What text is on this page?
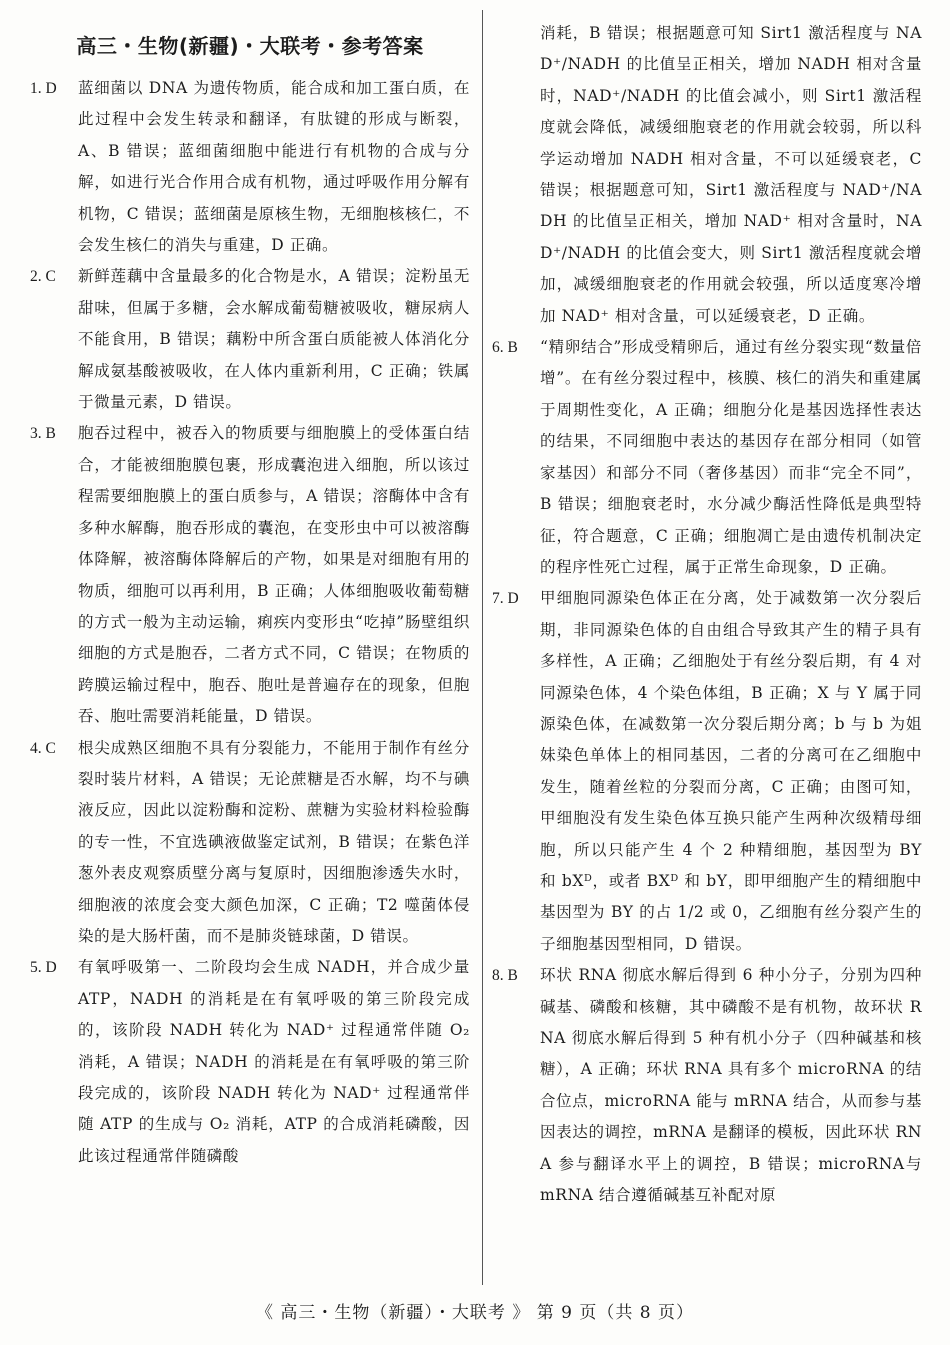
高三・生物(新疆)・大联考・参考答案
1. D	蓝细菌以 DNA 为遗传物质，能合成和加工蛋白质，在此过程中会发生转录和翻译，有肽键的形成与断裂，A、B 错误；蓝细菌细胞中能进行有机物的合成与分解，如进行光合作用合成有机物，通过呼吸作用分解有机物，C 错误；蓝细菌是原核生物，无细胞核核仁，不会发生核仁的消失与重建，D 正确。
2. C	新鲜莲藕中含量最多的化合物是水，A 错误；淀粉虽无甜味，但属于多糖，会水解成葡萄糖被吸收，糖尿病人不能食用，B 错误；藕粉中所含蛋白质能被人体消化分解成氨基酸被吸收，在人体内重新利用，C 正确；铁属于微量元素，D 错误。
3. B	胞吞过程中，被吞入的物质要与细胞膜上的受体蛋白结合，才能被细胞膜包裹，形成囊泡进入细胞，所以该过程需要细胞膜上的蛋白质参与，A 错误；溶酶体中含有多种水解酶，胞吞形成的囊泡，在变形虫中可以被溶酶体降解，被溶酶体降解后的产物，如果是对细胞有用的物质，细胞可以再利用，B 正确；人体细胞吸收葡萄糖的方式一般为主动运输，痢疾内变形虫“吃掉”肠壁组织细胞的方式是胞吞，二者方式不同，C 错误；在物质的跨膜运输过程中，胞吞、胞吐是普遍存在的现象，但胞吞、胞吐需要消耗能量，D 错误。
4. C	根尖成熟区细胞不具有分裂能力，不能用于制作有丝分裂时装片材料，A 错误；无论蔗糖是否水解，均不与碘液反应，因此以淀粉酶和淀粉、蔗糖为实验材料检验酶的专一性，不宜选碘液做鉴定试剂，B 错误；在紫色洋葱外表皮观察质壁分离与复原时，因细胞渗透失水时，细胞液的浓度会变大颜色加深，C 正确；T2 噬菌体侵染的是大肠杆菌，而不是肺炎链球菌，D 错误。
5. D	有氧呼吸第一、二阶段均会生成 NADH，并合成少量 ATP，NADH 的消耗是在有氧呼吸的第三阶段完成的，该阶段 NADH 转化为 NAD⁺ 过程通常伴随 O₂ 消耗，A 错误；NADH 的消耗是在有氧呼吸的第三阶段完成的，该阶段 NADH 转化为 NAD⁺ 过程通常伴随 ATP 的生成与 O₂ 消耗，ATP 的合成消耗磷酸，因此该过程通常伴随磷酸
消耗，B 错误；根据题意可知 Sirt1 激活程度与 NAD⁺/NADH 的比值呈正相关，增加 NADH 相对含量时，NAD⁺/NADH 的比值会减小，则 Sirt1 激活程度就会降低，减缓细胞衰老的作用就会较弱，所以科学运动增加 NADH 相对含量，不可以延缓衰老，C 错误；根据题意可知，Sirt1 激活程度与 NAD⁺/NADH 的比值呈正相关，增加 NAD⁺ 相对含量时，NAD⁺/NADH 的比值会变大，则 Sirt1 激活程度就会增加，减缓细胞衰老的作用就会较强，所以适度寒冷增加 NAD⁺ 相对含量，可以延缓衰老，D 正确。
6. B	“精卵结合”形成受精卵后，通过有丝分裂实现“数量倍增”。在有丝分裂过程中，核膜、核仁的消失和重建属于周期性变化，A 正确；细胞分化是基因选择性表达的结果，不同细胞中表达的基因存在部分相同（如管家基因）和部分不同（奢侈基因）而非“完全不同”，B 错误；细胞衰老时，水分减少酶活性降低是典型特征，符合题意，C 正确；细胞凋亡是由遗传机制决定的程序性死亡过程，属于正常生命现象，D 正确。
7. D	甲细胞同源染色体正在分离，处于减数第一次分裂后期，非同源染色体的自由组合导致其产生的精子具有多样性，A 正确；乙细胞处于有丝分裂后期，有 4 对同源染色体，4 个染色体组，B 正确；X 与 Y 属于同源染色体，在减数第一次分裂后期分离；b 与 b 为姐妹染色单体上的相同基因，二者的分离可在乙细胞中发生，随着丝粒的分裂而分离，C 正确；由图可知，甲细胞没有发生染色体互换只能产生两种次级精母细胞，所以只能产生 4 个 2 种精细胞，基因型为 BY 和 bXᴰ，或者 BXᴰ 和 bY，即甲细胞产生的精细胞中基因型为 BY 的占 1/2 或 0，乙细胞有丝分裂产生的子细胞基因型相同，D 错误。
8. B	环状 RNA 彻底水解后得到 6 种小分子，分别为四种碱基、磷酸和核糖，其中磷酸不是有机物，故环状 RNA 彻底水解后得到 5 种有机小分子（四种碱基和核糖），A 正确；环状 RNA 具有多个 microRNA 的结合位点，microRNA 能与 mRNA 结合，从而参与基因表达的调控，mRNA 是翻译的模板，因此环状 RNA 参与翻译水平上的调控，B 错误；microRNA与 mRNA 结合遵循碱基互补配对原
《 高三・生物（新疆）・大联考 》 第 9 页（共 8 页）
